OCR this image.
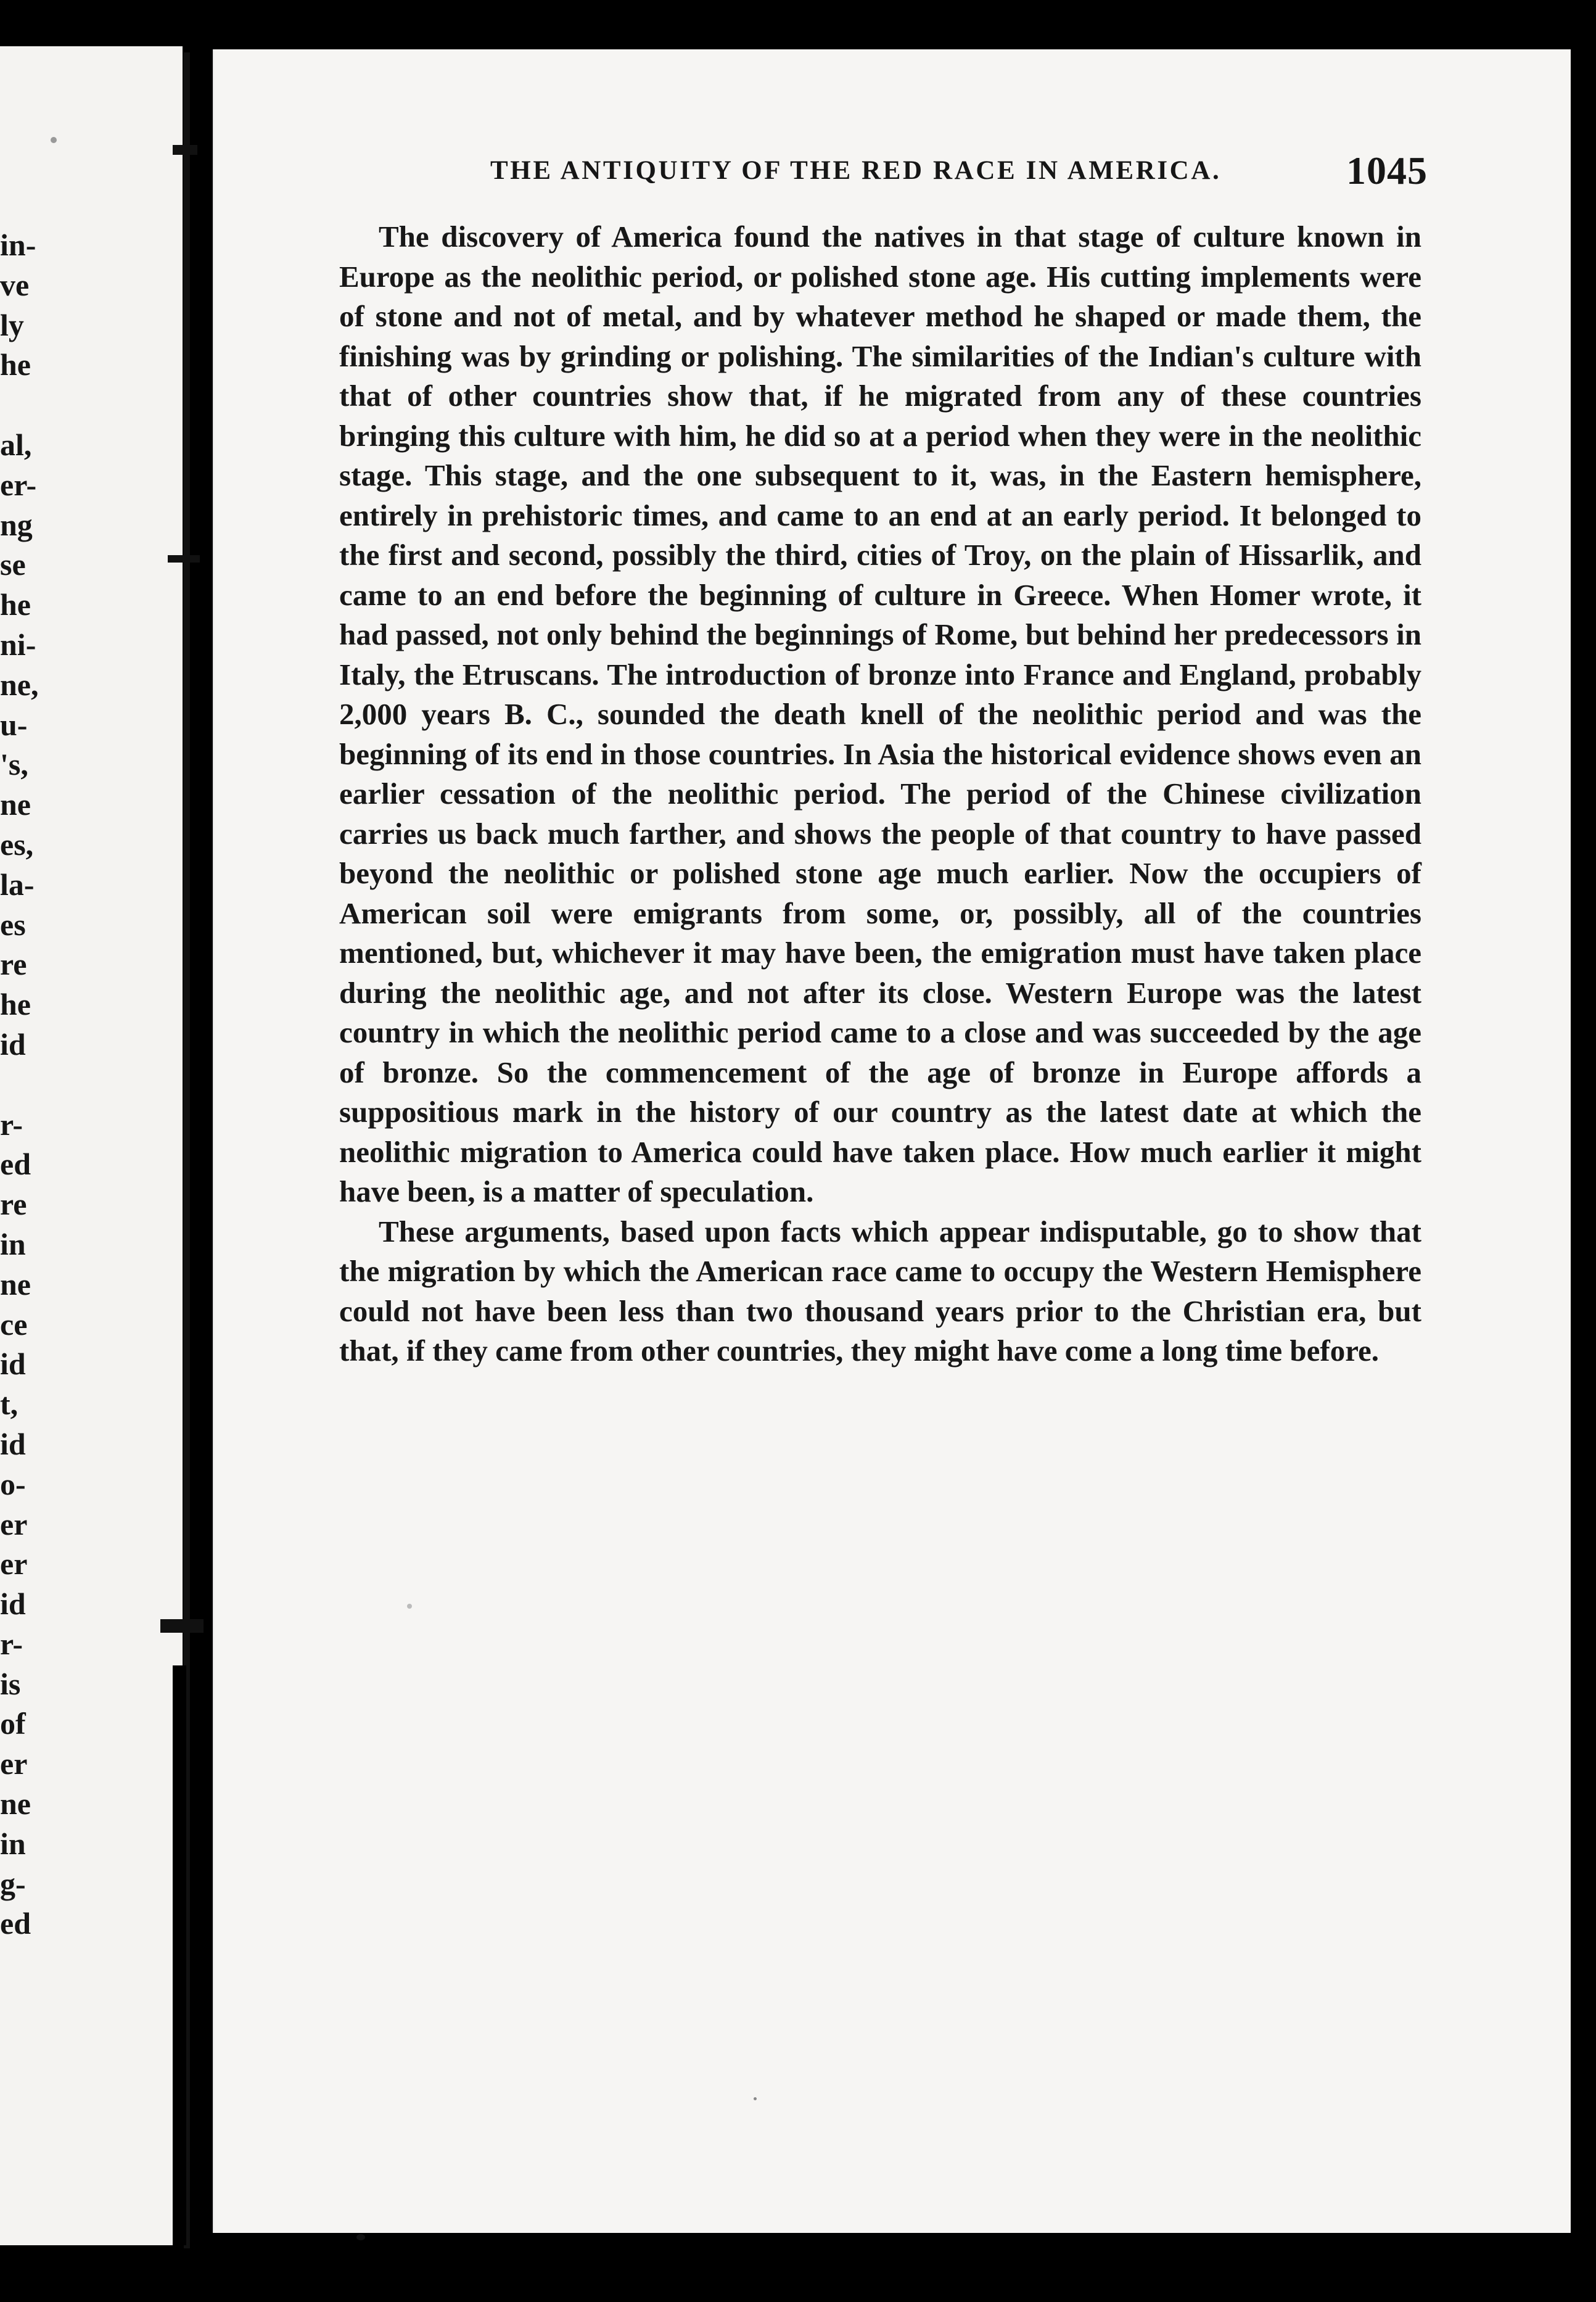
in-
ve
ly
he
al,
er-
ng
se
he
ni-
ne,
u-
's,
ne
es,
la-
es
re
he
id
r-
ed
re
in
ne
ce
id
t,
id
o-
er
er
id
r-
is
of
er
ne
in
g-
ed
THE ANTIQUITY OF THE RED RACE IN AMERICA.	1045

The discovery of America found the natives in that stage of culture known in Europe as the neolithic period, or polished stone age. His cutting implements were of stone and not of metal, and by whatever method he shaped or made them, the finishing was by grinding or polishing. The similarities of the Indian's culture with that of other countries show that, if he migrated from any of these countries bringing this culture with him, he did so at a period when they were in the neolithic stage. This stage, and the one subsequent to it, was, in the Eastern hemisphere, entirely in prehistoric times, and came to an end at an early period. It belonged to the first and second, possibly the third, cities of Troy, on the plain of Hissarlik, and came to an end before the beginning of culture in Greece. When Homer wrote, it had passed, not only behind the beginnings of Rome, but behind her predecessors in Italy, the Etruscans. The introduction of bronze into France and England, probably 2,000 years B. C., sounded the death knell of the neolithic period and was the beginning of its end in those countries. In Asia the historical evidence shows even an earlier cessation of the neolithic period. The period of the Chinese civilization carries us back much farther, and shows the people of that country to have passed beyond the neolithic or polished stone age much earlier. Now the occupiers of American soil were emigrants from some, or, possibly, all of the countries mentioned, but, whichever it may have been, the emigration must have taken place during the neolithic age, and not after its close. Western Europe was the latest country in which the neolithic period came to a close and was succeeded by the age of bronze. So the commencement of the age of bronze in Europe affords a suppositious mark in the history of our country as the latest date at which the neolithic migration to America could have taken place. How much earlier it might have been, is a matter of speculation.

These arguments, based upon facts which appear indisputable, go to show that the migration by which the American race came to occupy the Western Hemisphere could not have been less than two thousand years prior to the Christian era, but that, if they came from other countries, they might have come a long time before.
